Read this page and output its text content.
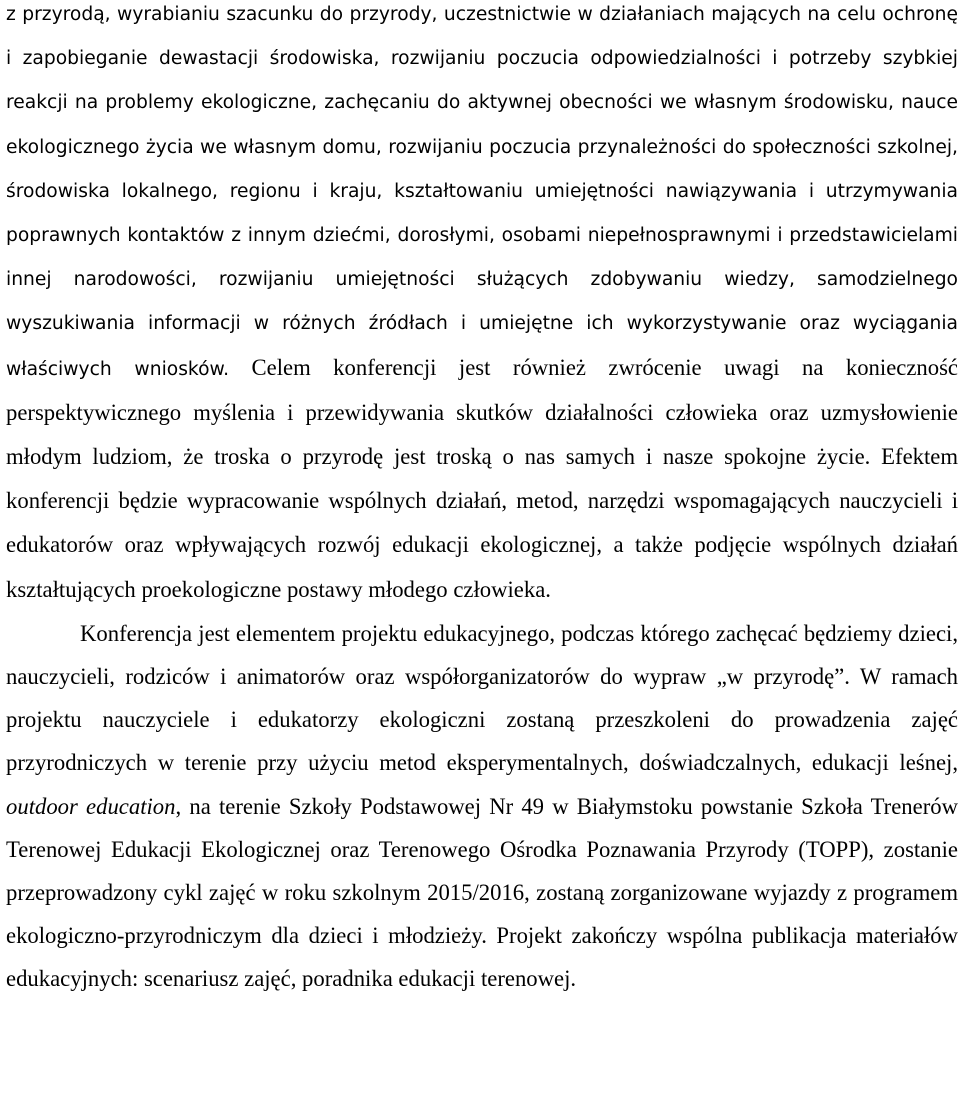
z przyrodą, wyrabianiu szacunku do przyrody, uczestnictwie w działaniach mających na celu ochronę i zapobieganie dewastacji środowiska, rozwijaniu poczucia odpowiedzialności i potrzeby szybkiej reakcji na problemy ekologiczne, zachęcaniu do aktywnej obecności we własnym środowisku, nauce ekologicznego życia we własnym domu, rozwijaniu poczucia przynależności do społeczności szkolnej, środowiska lokalnego, regionu i kraju, kształtowaniu umiejętności nawiązywania i utrzymywania poprawnych kontaktów z innym dziećmi, dorosłymi, osobami niepełnosprawnymi i przedstawicielami innej narodowości, rozwijaniu umiejętności służących zdobywaniu wiedzy, samodzielnego wyszukiwania informacji w różnych źródłach i umiejętne ich wykorzystywanie oraz wyciągania właściwych wniosków. Celem konferencji jest również zwrócenie uwagi na konieczność perspektywicznego myślenia i przewidywania skutków działalności człowieka oraz uzmysłowienie młodym ludziom, że troska o przyrodę jest troską o nas samych i nasze spokojne życie. Efektem konferencji będzie wypracowanie wspólnych działań, metod, narzędzi wspomagających nauczycieli i edukatorów oraz wpływających rozwój edukacji ekologicznej, a także podjęcie wspólnych działań kształtujących proekologiczne postawy młodego człowieka.

Konferencja jest elementem projektu edukacyjnego, podczas którego zachęcać będziemy dzieci, nauczycieli, rodziców i animatorów oraz współorganizatorów do wypraw „w przyrodę”. W ramach projektu nauczyciele i edukatorzy ekologiczni zostaną przeszkoleni do prowadzenia zajęć przyrodniczych w terenie przy użyciu metod eksperymentalnych, doświadczalnych, edukacji leśnej, outdoor education, na terenie Szkoły Podstawowej Nr 49 w Białymstoku powstanie Szkoła Trenerów Terenowej Edukacji Ekologicznej oraz Terenowego Ośrodka Poznawania Przyrody (TOPP), zostanie przeprowadzony cykl zajęć w roku szkolnym 2015/2016, zostaną zorganizowane wyjazdy z programem ekologiczno-przyrodniczym dla dzieci i młodzieży. Projekt zakończy wspólna publikacja materiałów edukacyjnych: scenariusz zajęć, poradnika edukacji terenowej.
